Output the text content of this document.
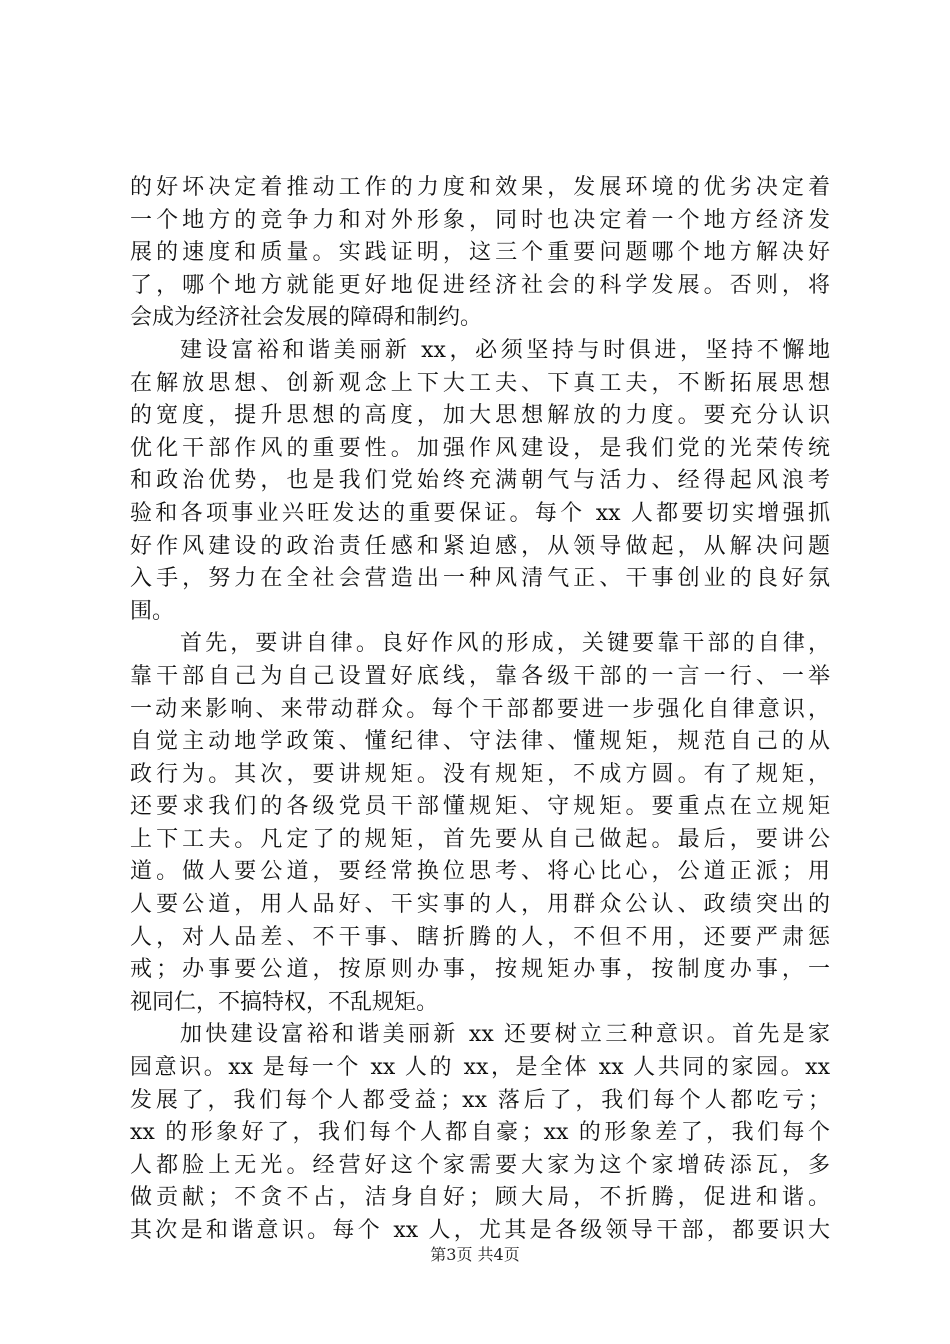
的好坏决定着推动工作的力度和效果，发展环境的优劣决定着
一个地方的竞争力和对外形象，同时也决定着一个地方经济发
展的速度和质量。实践证明，这三个重要问题哪个地方解决好
了，哪个地方就能更好地促进经济社会的科学发展。否则，将
会成为经济社会发展的障碍和制约。
建设富裕和谐美丽新 xx，必须坚持与时俱进，坚持不懈地
在解放思想、创新观念上下大工夫、下真工夫，不断拓展思想
的宽度，提升思想的高度，加大思想解放的力度。要充分认识
优化干部作风的重要性。加强作风建设，是我们党的光荣传统
和政治优势，也是我们党始终充满朝气与活力、经得起风浪考
验和各项事业兴旺发达的重要保证。每个 xx 人都要切实增强抓
好作风建设的政治责任感和紧迫感，从领导做起，从解决问题
入手，努力在全社会营造出一种风清气正、干事创业的良好氛
围。
首先，要讲自律。良好作风的形成，关键要靠干部的自律，
靠干部自己为自己设置好底线，靠各级干部的一言一行、一举
一动来影响、来带动群众。每个干部都要进一步强化自律意识，
自觉主动地学政策、懂纪律、守法律、懂规矩，规范自己的从
政行为。其次，要讲规矩。没有规矩，不成方圆。有了规矩，
还要求我们的各级党员干部懂规矩、守规矩。要重点在立规矩
上下工夫。凡定了的规矩，首先要从自己做起。最后，要讲公
道。做人要公道，要经常换位思考、将心比心，公道正派；用
人要公道，用人品好、干实事的人，用群众公认、政绩突出的
人，对人品差、不干事、瞎折腾的人，不但不用，还要严肃惩
戒；办事要公道，按原则办事，按规矩办事，按制度办事，一
视同仁，不搞特权，不乱规矩。
加快建设富裕和谐美丽新 xx 还要树立三种意识。首先是家
园意识。xx 是每一个 xx 人的 xx，是全体 xx 人共同的家园。xx
发展了，我们每个人都受益；xx 落后了，我们每个人都吃亏；
xx 的形象好了，我们每个人都自豪；xx 的形象差了，我们每个
人都脸上无光。经营好这个家需要大家为这个家增砖添瓦，多
做贡献；不贪不占，洁身自好；顾大局，不折腾，促进和谐。
其次是和谐意识。每个 xx 人，尤其是各级领导干部，都要识大
第3页 共4页
